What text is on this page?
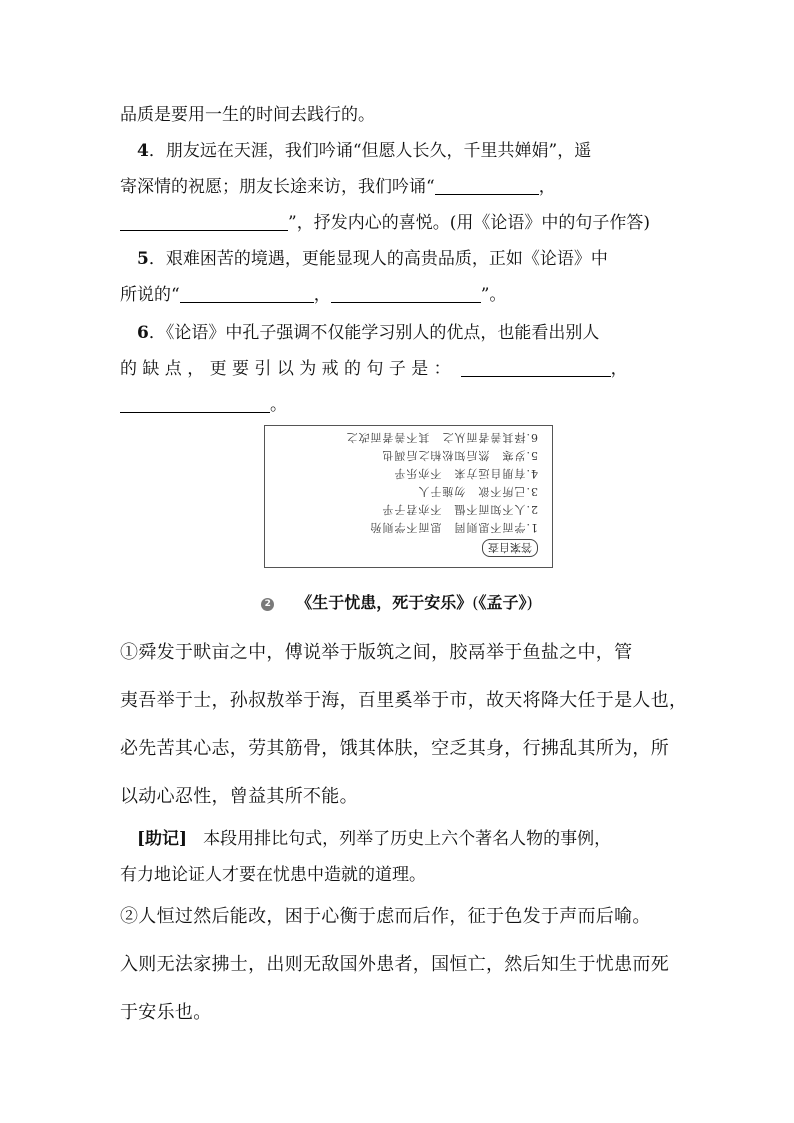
品质是要用一生的时间去践行的。
4．朋友远在天涯，我们吟诵“但愿人长久，千里共婵娟”，遥
寄深情的祝愿；朋友长途来访，我们吟诵“	，
”，抒发内心的喜悦。(用《论语》中的句子作答)
5．艰难困苦的境遇，更能显现人的高贵品质，正如《论语》中
所说的“	，	”。
6．《论语》中孔子强调不仅能学习别人的优点，也能看出别人
的 缺 点 ， 更 要 引 以 为 戒 的 句 子 是 ：	，
。
答案自查
1.学而不思则罔　思而不学则殆
2.人不知而不愠　不亦君子乎
3.己所不欲　勿施于人
4.有朋自远方来　不亦乐乎
5.岁寒　然后知松柏之后凋也
6.择其善者而从之　其不善者而改之
2 《生于忧患，死于安乐》(《孟子》)
①舜发于畎亩之中，傅说举于版筑之间，胶鬲举于鱼盐之中，管
夷吾举于士，孙叔敖举于海，百里奚举于市，故天将降大任于是人也，
必先苦其心志，劳其筋骨，饿其体肤，空乏其身，行拂乱其所为，所
以动心忍性，曾益其所不能。
[助记] 本段用排比句式，列举了历史上六个著名人物的事例，
有力地论证人才要在忧患中造就的道理。
②人恒过然后能改，困于心衡于虑而后作，征于色发于声而后喻。
入则无法家拂士，出则无敌国外患者，国恒亡，然后知生于忧患而死
于安乐也。
